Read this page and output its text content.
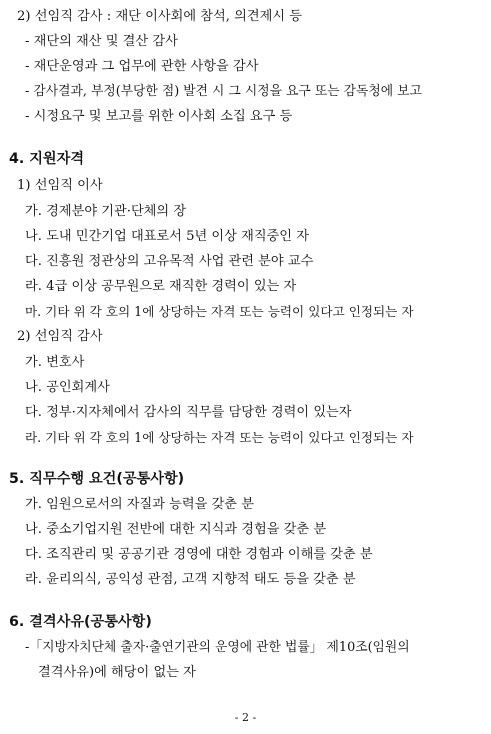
2) 선임직 감사 : 재단 이사회에 참석, 의견제시 등
- 재단의 재산 및 결산 감사
- 재단운영과 그 업무에 관한 사항을 감사
- 감사결과, 부정(부당한 점) 발견 시 그 시정을 요구 또는 감독청에 보고
- 시정요구 및 보고를 위한 이사회 소집 요구 등
4. 지원자격
1) 선임직 이사
가. 경제분야 기관·단체의 장
나. 도내 민간기업 대표로서 5년 이상 재직중인 자
다. 진흥원 정관상의 고유목적 사업 관련 분야 교수
라. 4급 이상 공무원으로 재직한 경력이 있는 자
마. 기타 위 각 호의 1에 상당하는 자격 또는 능력이 있다고 인정되는 자
2) 선임직 감사
가. 변호사
나. 공인회계사
다. 정부·지자체에서 감사의 직무를 담당한 경력이 있는자
라. 기타 위 각 호의 1에 상당하는 자격 또는 능력이 있다고 인정되는 자
5. 직무수행 요건(공통사항)
가. 임원으로서의 자질과 능력을 갖춘 분
나. 중소기업지원 전반에 대한 지식과 경험을 갖춘 분
다. 조직관리 및 공공기관 경영에 대한 경험과 이해를 갖춘 분
라. 윤리의식, 공익성 관점, 고객 지향적 태도 등을 갖춘 분
6. 결격사유(공통사항)
-「지방자치단체 출자·출연기관의 운영에 관한 법률」 제10조(임원의
결격사유)에 해당이 없는 자
- 2 -
